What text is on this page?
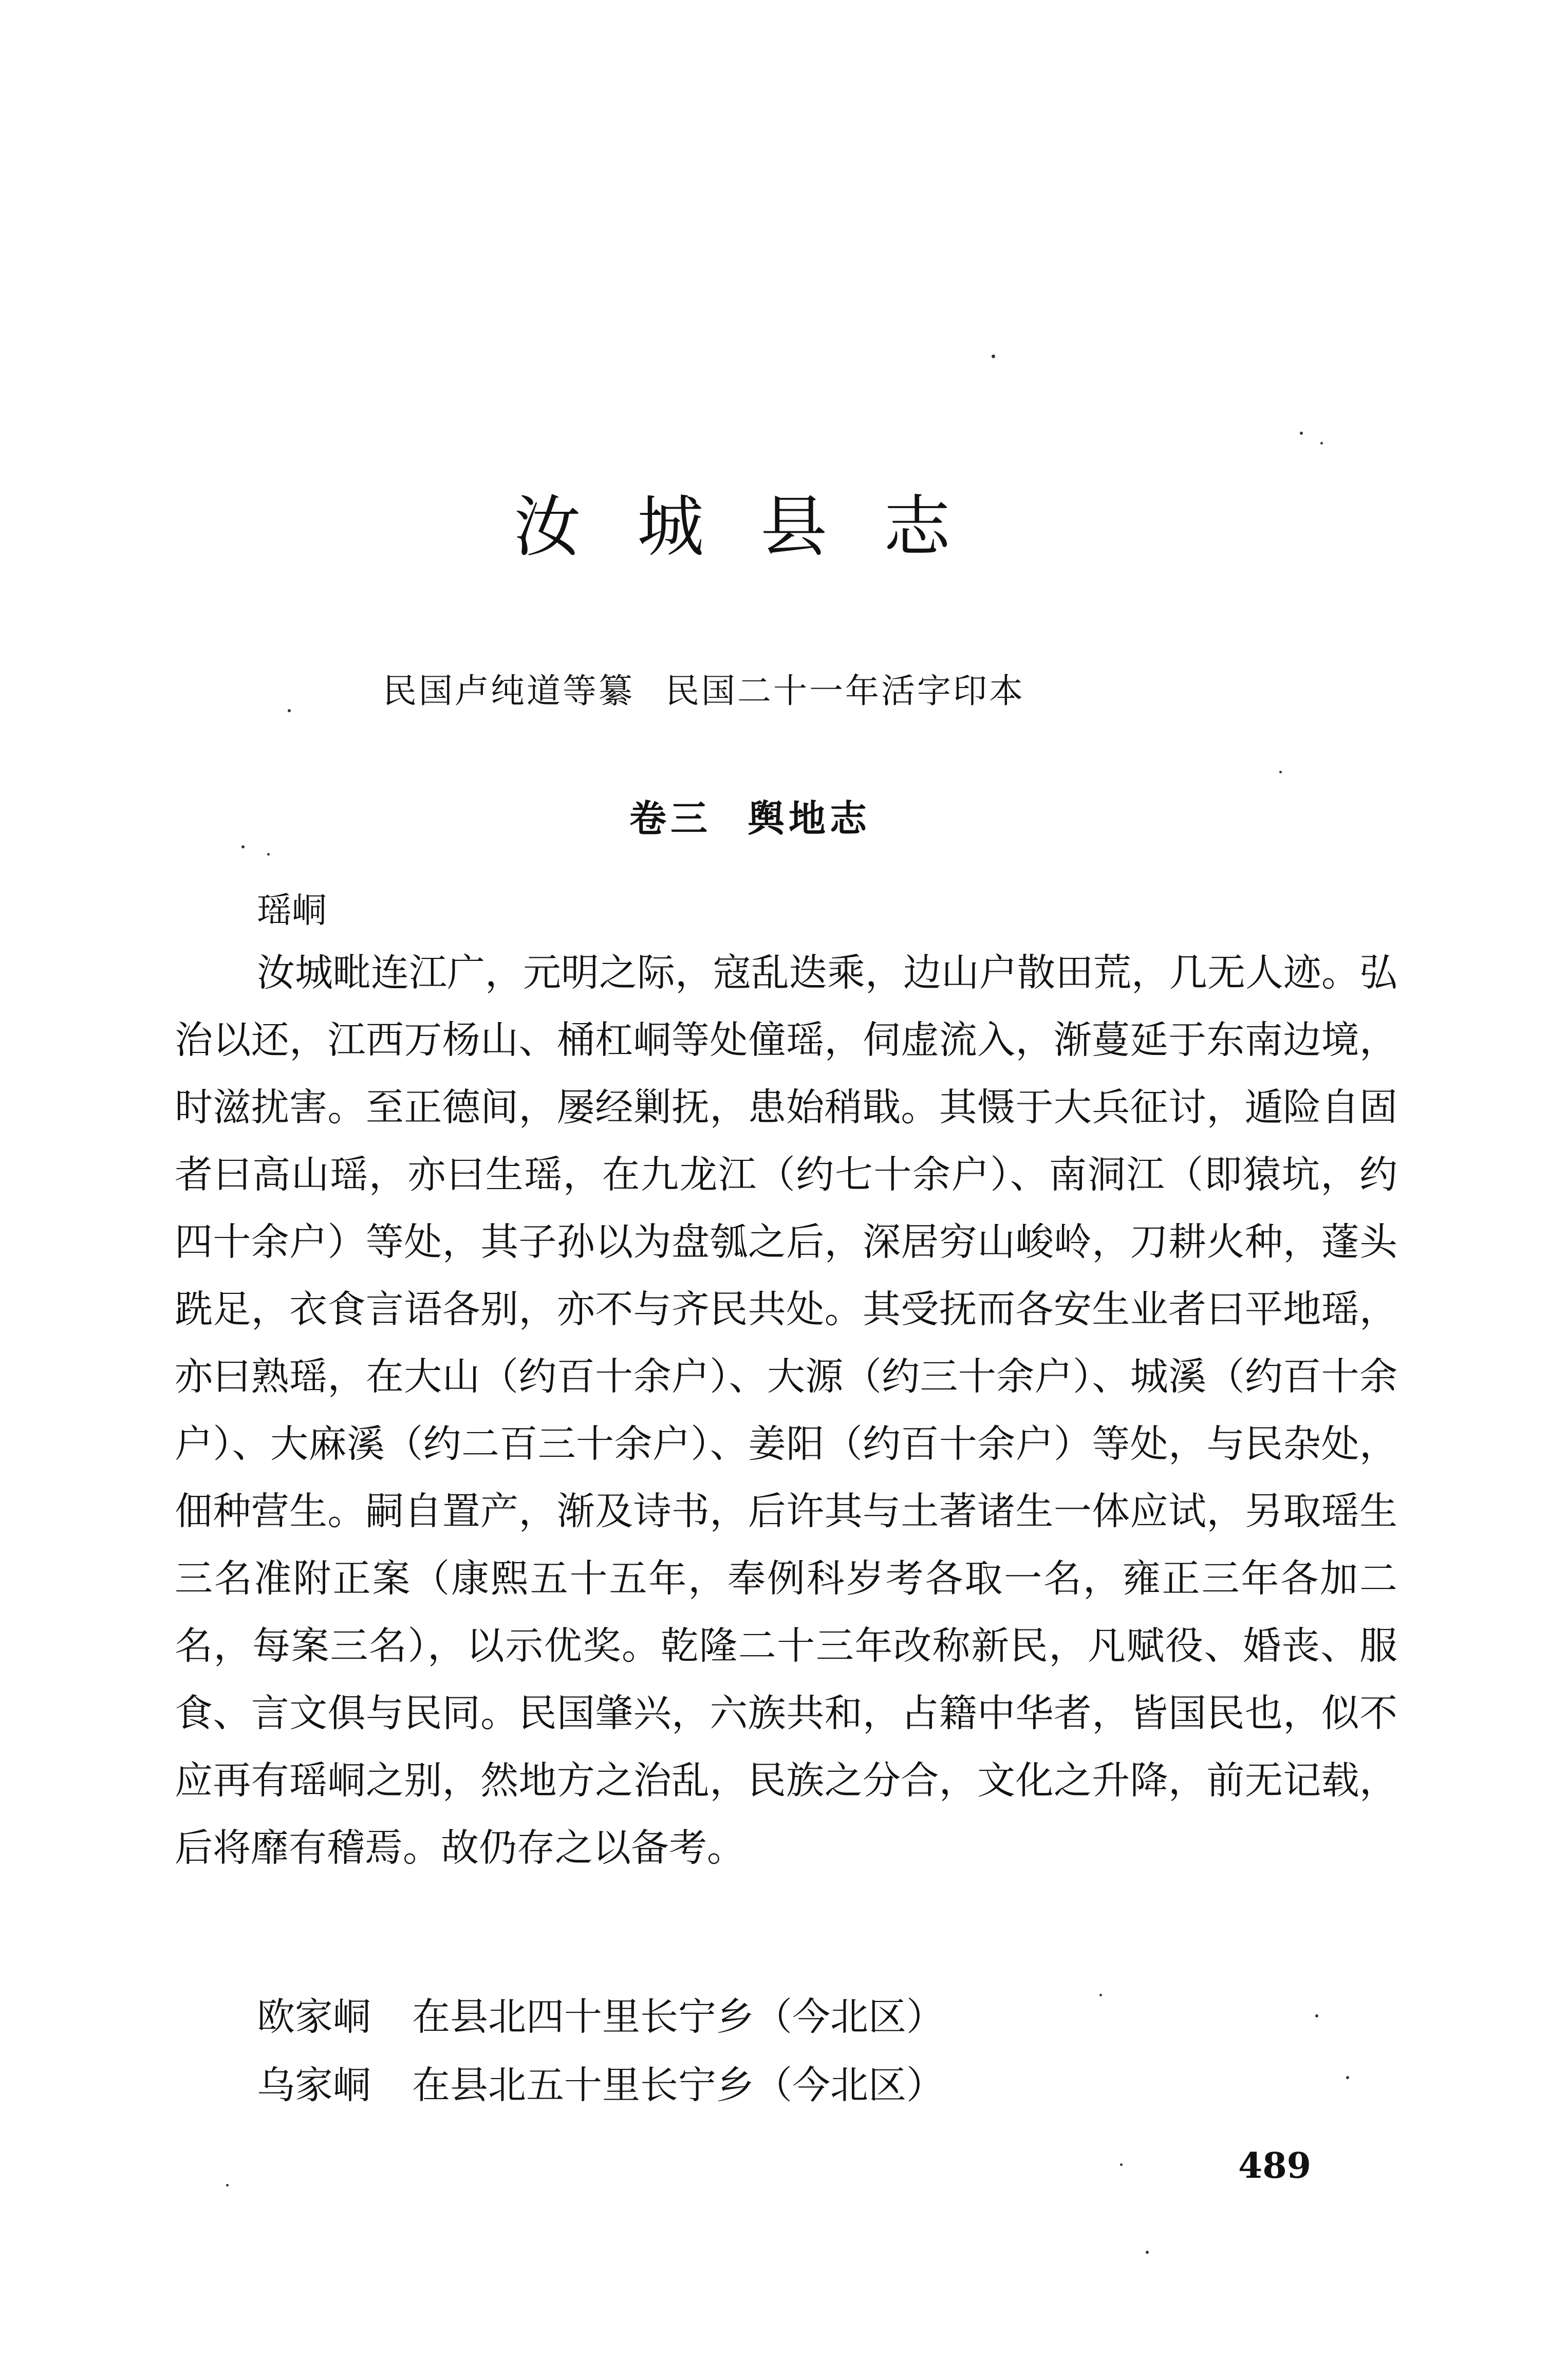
汝城县志
民国卢纯道等纂 民国二十一年活字印本
卷三 舆地志
瑶峒

汝城毗连江广，元明之际，寇乱迭乘，边山户散田荒，几无人迹。弘治以还，江西万杨山、桶杠峒等处僮瑶，伺虚流入，渐蔓延于东南边境，时滋扰害。至正德间，屡经剿抚，患始稍戢。其慑于大兵征讨，遁险自固者曰高山瑶，亦曰生瑶，在九龙江（约七十余户）、南洞江（即猿坑，约四十余户）等处，其子孙以为盘瓠之后，深居穷山峻岭，刀耕火种，蓬头跣足，衣食言语各别，亦不与齐民共处。其受抚而各安生业者曰平地瑶，亦曰熟瑶，在大山（约百十余户）、大源（约三十余户）、城溪（约百十余户）、大麻溪（约二百三十余户）、姜阳（约百十余户）等处，与民杂处，佃种营生。嗣自置产，渐及诗书，后许其与土著诸生一体应试，另取瑶生三名准附正案（康熙五十五年，奉例科岁考各取一名，雍正三年各加二名，每案三名），以示优奖。乾隆二十三年改称新民，凡赋役、婚丧、服食、言文俱与民同。民国肇兴，六族共和，占籍中华者，皆国民也，似不应再有瑶峒之别，然地方之治乱，民族之分合，文化之升降，前无记载，后将靡有稽焉。故仍存之以备考。

欧家峒 在县北四十里长宁乡（今北区）
乌家峒 在县北五十里长宁乡（今北区）
489
